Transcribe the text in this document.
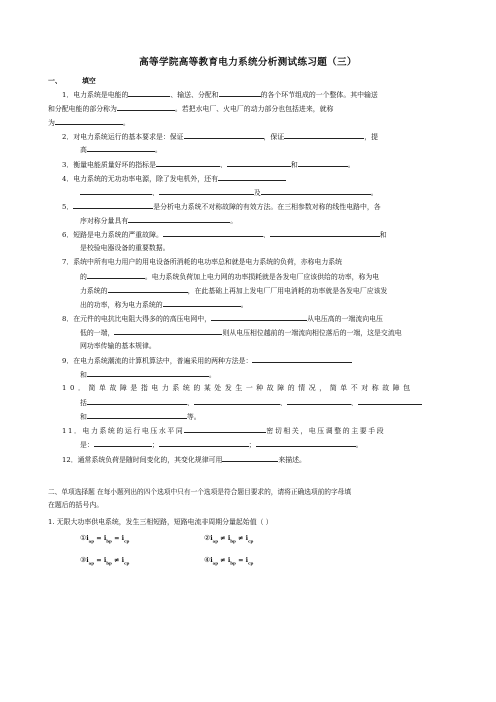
高等学院高等教育电力系统分析测试练习题（三）
一、	填空
1．电力系统是电能的	、输送、分配和	的各个环节组成的一个整体。其中输送
和分配电能的部分称为	。若把水电厂、火电厂的动力部分也包括进来，就称
为	。
2．对电力系统运行的基本要求是：保证	，保证	，提
高	。
3．衡量电能质量好坏的指标是	、	和	。
4．电力系统的无功功率电源，除了发电机外，还有
、	及	。
5．	是分析电力系统不对称故障的有效方法。在三相参数对称的线性电路中，各
序对称分量具有	。
6．短路是电力系统的严重故障。	、	和
是校验电器设备的重要数据。
7．系统中所有电力用户的用电设备所消耗的电功率总和就是电力系统的负荷，亦称电力系统
的	。电力系统负荷加上电力网的功率损耗就是各发电厂应该供给的功率，称为电
力系统的	，在此基础上再加上发电厂厂用电消耗的功率就是各发电厂应该发
出的功率，称为电力系统的	。
8．在元件的电抗比电阻大得多的的高压电网中，	从电压高的一端流向电压
低的一端，	则从电压相位越前的一端流向相位落后的一端，这是交流电
网功率传输的基本规律。
9．在电力系统潮流的计算机算法中，普遍采用的两种方法是：
和	。
10．简单故障是指电力系统的某处发生一种故障的情况，简单不对称故障包
括	、	、	、
和	等。
11．电力系统的运行电压水平同	密切相关，电压调整的主要手段
是：	；	；	。
12．通常系统负荷是随时间变化的，其变化规律可用	来描述。
二、单项选择题 在每小题列出的四个选项中只有一个选项是符合题目要求的，请将正确选项前的字母填
在题后的括号内。
1. 无限大功率供电系统，发生三相短路，短路电流非周期分量起始值（ ）
$①i_{ap} = i_{bp} = i_{cp}$	$②i_{ap} \ne i_{bp} \ne i_{cp}$
$③i_{ap} = i_{bp} \ne i_{cp}$	$④i_{ap} \ne i_{bp} = i_{cp}$
